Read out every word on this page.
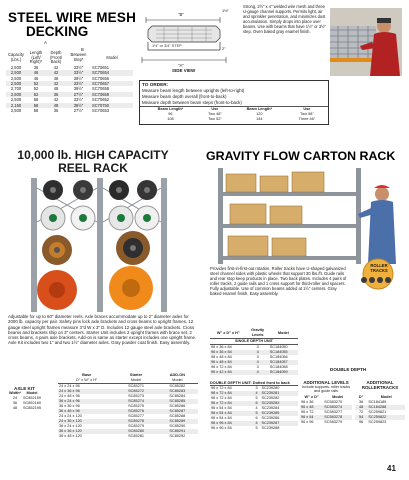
STEEL WIRE MESH
DECKING
A
B
Capacity
(Lbs.)	Length
(Left/
Right)*	Depth
(Front/
Back)	Between
Step*	Model
2,500	36	42	33½"	SC70651
2,500	46	42	33½"	SC70654
2,500	46	48	39½"	SC70656
2,500	52	42	33½"	SC70657
2,700	52	48	39½"	SC70658
2,500	52	36	27½"	SC70659
2,500	58	42	33½"	SC70652
2,150	58	48	39½"	SC70750
2,500	58	36	27½"	SC70653
"B"
1½"
1½" or 3/4" STEP	2"
"A"
SIDE VIEW
Strong, 2½" x 4" welded wire mesh and three U-gauge channel supports. Permits light, air and sprinkler penetration, and minimizes dust accumulation. Simply drops into place over beams. Use with beams that have 1½" or 3½" step. Oven baked gray enamel finish.
TO ORDER:
Measure beam length between uprights (left-to-right)
Measure beam depth overall (front-to-back)
Measure depth between beam steps (front-to-back)
Beam Length*	Use	Beam Length*	Use
96	Two 48"	120	Two 58"
108	Two 52"	144	Three 46"
10,000 lb. HIGH CAPACITY
REEL RACK
Adjustable for up to 60" diameter reels. Axle braces accommodate up to 2" diameter axles for 2000 lb. capacity per pair. Safety pins lock axle brackets and cross beams to upright frames. 12 gauge steel upright frames measure 3"d W x 3" D. Includes 12 gauge steel axle brackets. Cross beams and brackets ship on 3" centers. Starter Unit includes 2 upright frames with brace set, 2 cross beams, 4 pairs axle brackets. Add-on is same as starter except includes one upright frame. Axle Kit includes two 1" and two 1½" diameter axles. Gray powder coat finish. Easy assembly.
AXLE KIT
Width*	Model
24	SC852159
36	SC852160
48	SC852195
Base	Starter	ADD-ON
D" x W" x H"	Model	Model
24 x 24 x 96	SC85271	SC85282
24 x 36 x 96	SC85272	SC85283
24 x 48 x 96	SC85273	SC85284
36 x 24 x 96	SC85274	SC85285
36 x 36 x 96	SC85275	SC85286
36 x 48 x 96	SC85276	SC85287
24 x 24 x 120	SC85277	SC85288
24 x 36 x 120	SC85278	SC85289
36 x 24 x 120	SC85279	SC85290
36 x 36 x 120	SC85280	SC85291
36 x 48 x 120	SC85281	SC85292
GRAVITY FLOW CARTON RACK
ROLLER TRACKS
Provides first-in-first-out rotation. Roller tracks have U-shaped galvanized steel channel sides with plastic wheels that support 30 lbs./ft. Guide rails and rear stop keep products in place. Two back plates. Includes 4 pairs of roller tracks, 2 guide rails and 1 cross support for third-roller and spacers. Fully adjustable. Use of common beams added at 1½" centers. Gray baked enamel finish. Easy assembly.
W" x D" x H"	Gravity
Levels	Model
SINGLE DEPTH UNIT		
96 x 36 x 84	3	SC184050
96 x 36 x 84	4	SC184055
96 x 48 x 84	3	SC184056
96 x 48 x 84	4	SC184057
96 x 72 x 84	3	SC184058
96 x 42 x 84	4	SC184059	DOUBLE DEPTH
DOUBLE DEPTH UNIT: Dotted front to back
96 x 72 x 84	3	SC239280
96 x 72 x 84	4	SC239281
96 x 72 x 84	5	SC239282
96 x 72 x 84	6	SC239283
96 x 54 x 84	4	SC239284
96 x 54 x 84	5	SC239285
96 x 54 x 84	6	SC239286
96 x 96 x 84	4	SC239287
96 x 96 x 84	5	SC239288
ADDITIONAL LEVELS
Include supports, roller tracks and guide rails
W" x D"	Model
96 x 36	SC583270
96 x 48	SC583274
96 x 72	SC583277
96 x 54	SC583278
96 x 96	SC583279
ADDITIONAL ROLLERTRACKS
D"	Model
36	SC184189
48	SC184288
72	SC259821
54	SC259822
96	SC259823
41
